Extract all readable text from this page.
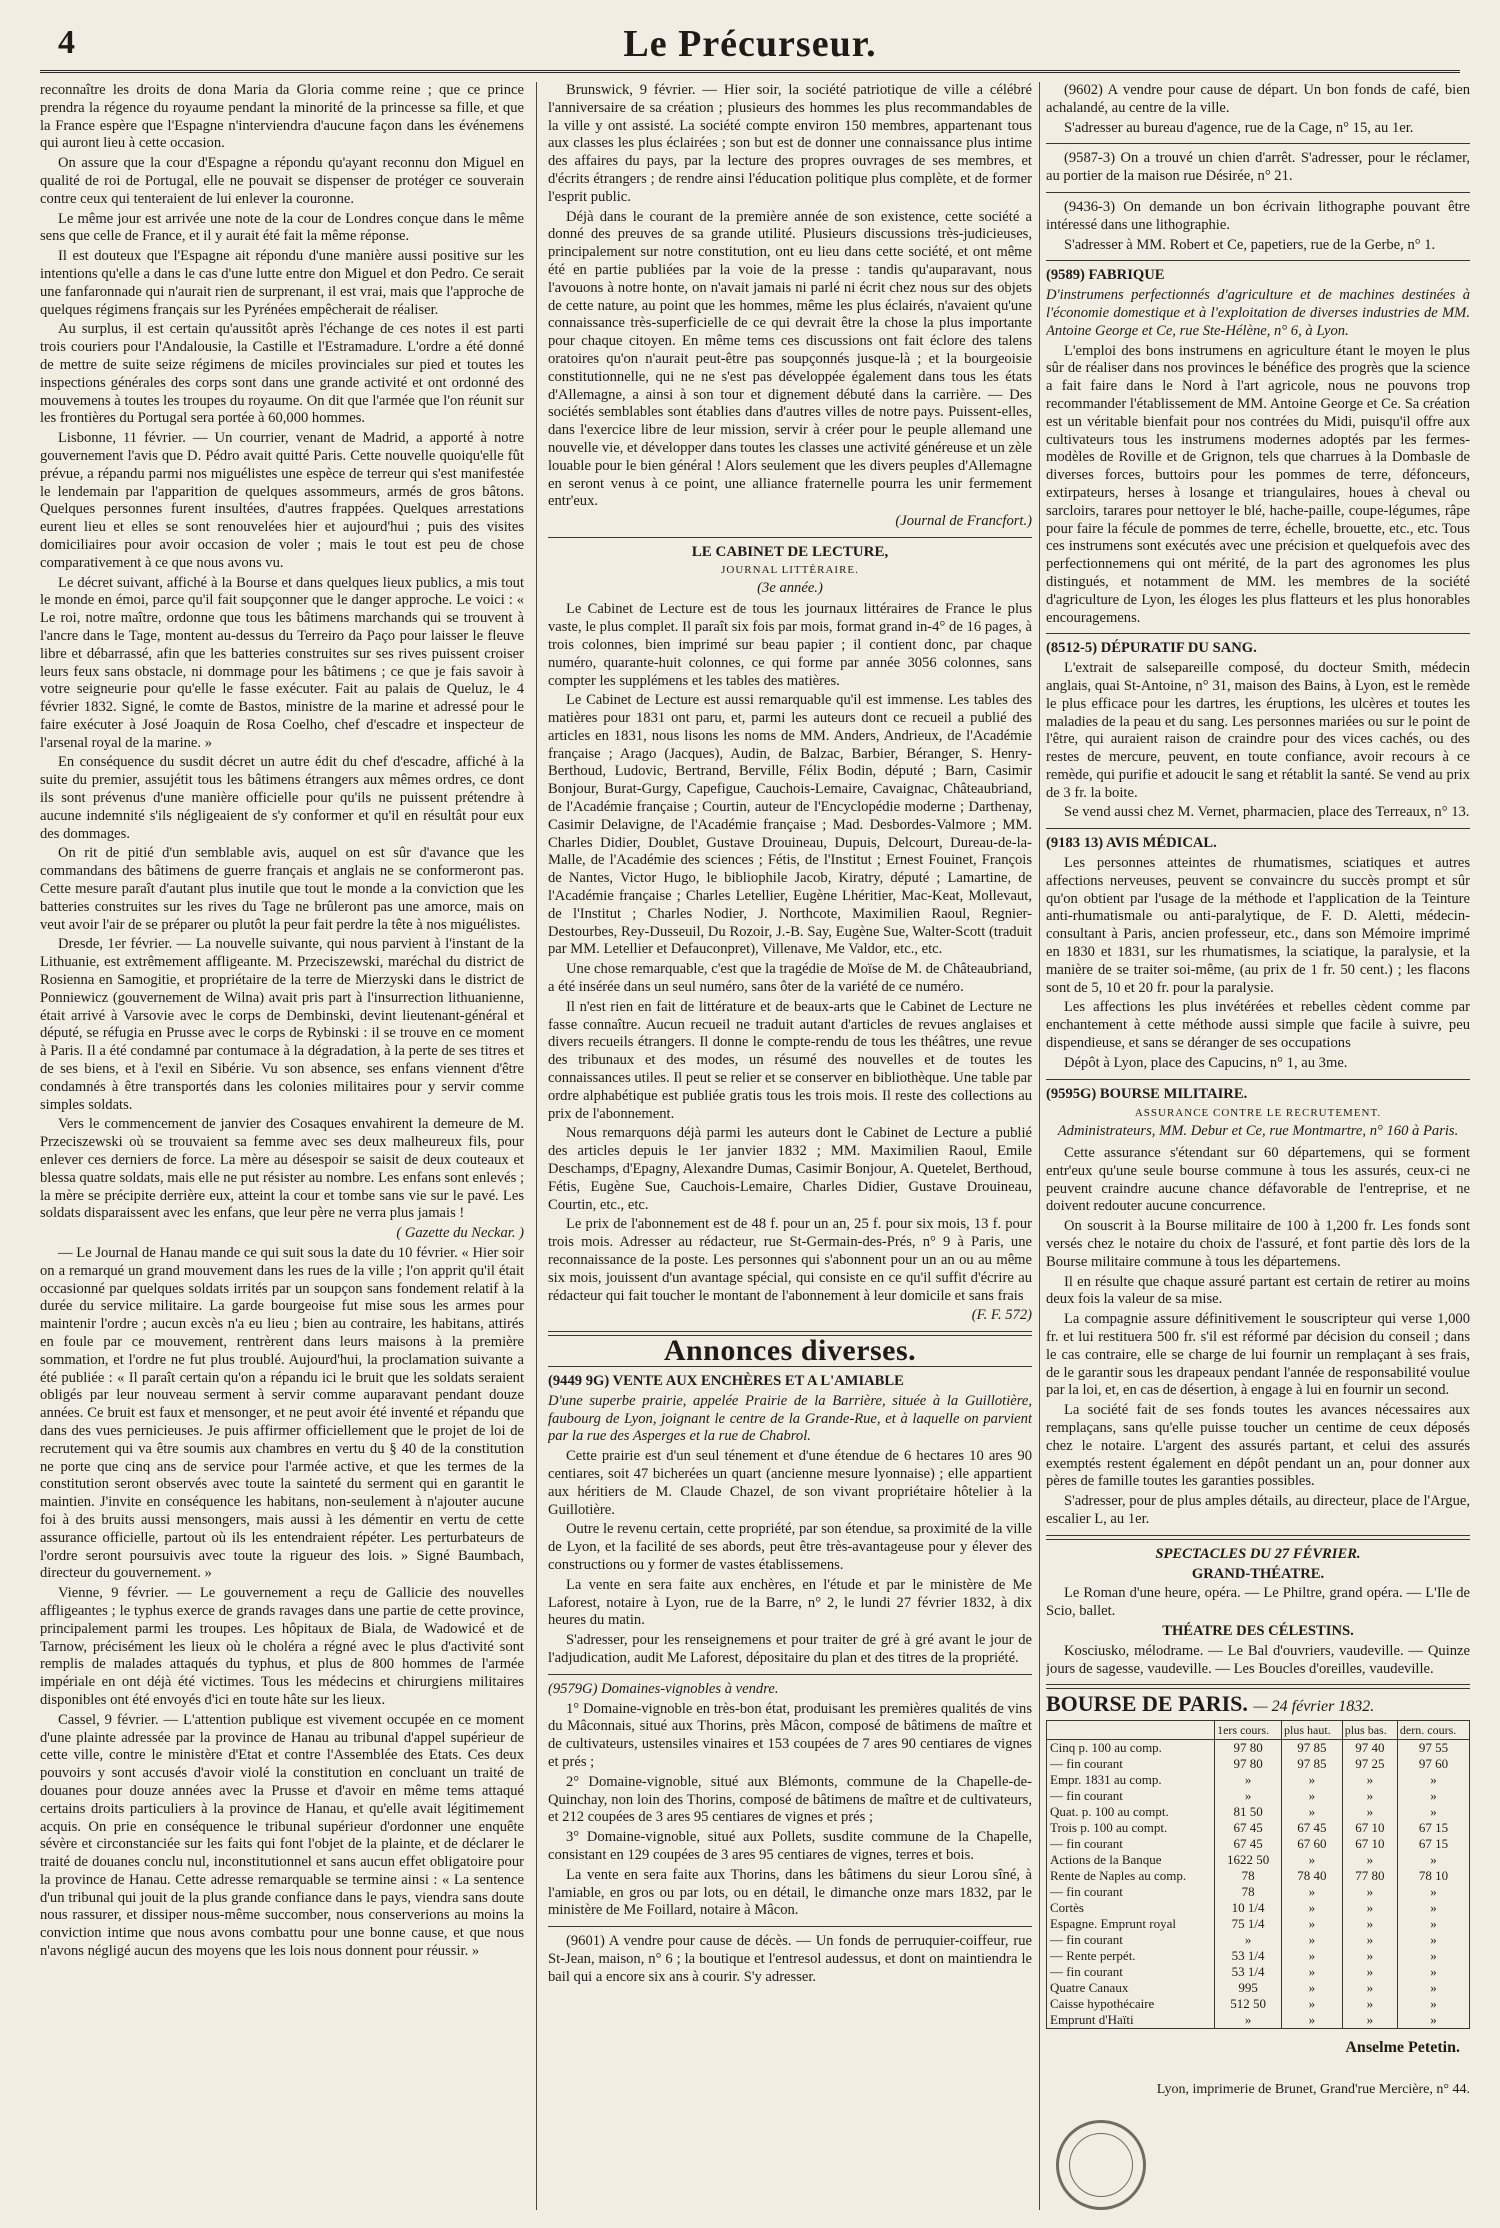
4	Le Précurseur.

reconnaître les droits de dona Maria da Gloria comme reine ; que ce prince prendra la régence du royaume pendant la minorité de la princesse sa fille, et que la France espère que l'Espagne n'interviendra d'aucune façon dans les événemens qui auront lieu à cette occasion.

On assure que la cour d'Espagne a répondu qu'ayant reconnu don Miguel en qualité de roi de Portugal, elle ne pouvait se dispenser de protéger ce souverain contre ceux qui tenteraient de lui enlever la couronne.

Le même jour est arrivée une note de la cour de Londres conçue dans le même sens que celle de France, et il y aurait été fait la même réponse.

Il est douteux que l'Espagne ait répondu d'une manière aussi positive sur les intentions qu'elle a dans le cas d'une lutte entre don Miguel et don Pedro. Ce serait une fanfaronnade qui n'aurait rien de surprenant, il est vrai, mais que l'approche de quelques régimens français sur les Pyrénées empêcherait de réaliser.

Au surplus, il est certain qu'aussitôt après l'échange de ces notes il est parti trois couriers pour l'Andalousie, la Castille et l'Estramadure. L'ordre a été donné de mettre de suite seize régimens de miciles provinciales sur pied et toutes les inspections générales des corps sont dans une grande activité et ont ordonné des mouvemens à toutes les troupes du royaume. On dit que l'armée que l'on réunit sur les frontières du Portugal sera portée à 60,000 hommes.

Lisbonne, 11 février. — Un courrier, venant de Madrid, a apporté à notre gouvernement l'avis que D. Pédro avait quitté Paris. Cette nouvelle quoiqu'elle fût prévue, a répandu parmi nos miguélistes une espèce de terreur qui s'est manifestée le lendemain par l'apparition de quelques assommeurs, armés de gros bâtons. Quelques personnes furent insultées, d'autres frappées. Quelques arrestations eurent lieu et elles se sont renouvelées hier et aujourd'hui ; puis des visites domiciliaires pour avoir occasion de voler ; mais le tout est peu de chose comparativement à ce que nous avons vu.

Le décret suivant, affiché à la Bourse et dans quelques lieux publics, a mis tout le monde en émoi, parce qu'il fait soupçonner que le danger approche. Le voici : « Le roi, notre maître, ordonne que tous les bâtimens marchands qui se trouvent à l'ancre dans le Tage, montent au-dessus du Terreiro da Paço pour laisser le fleuve libre et débarrassé, afin que les batteries construites sur ses rives puissent croiser leurs feux sans obstacle, ni dommage pour les bâtimens ; ce que je fais savoir à votre seigneurie pour qu'elle le fasse exécuter. Fait au palais de Queluz, le 4 février 1832. Signé, le comte de Bastos, ministre de la marine et adressé pour le faire exécuter à José Joaquin de Rosa Coelho, chef d'escadre et inspecteur de l'arsenal royal de la marine. »

En conséquence du susdit décret un autre édit du chef d'escadre, affiché à la suite du premier, assujétit tous les bâtimens étrangers aux mêmes ordres, ce dont ils sont prévenus d'une manière officielle pour qu'ils ne puissent prétendre à aucune indemnité s'ils négligeaient de s'y conformer et qu'il en résultât pour eux des dommages.

On rit de pitié d'un semblable avis, auquel on est sûr d'avance que les commandans des bâtimens de guerre français et anglais ne se conformeront pas. Cette mesure paraît d'autant plus inutile que tout le monde a la conviction que les batteries construites sur les rives du Tage ne brûleront pas une amorce, mais on veut avoir l'air de se préparer ou plutôt la peur fait perdre la tête à nos miguélistes.

Dresde, 1er février. — La nouvelle suivante, qui nous parvient à l'instant de la Lithuanie, est extrêmement affligeante. M. Przeciszewski, maréchal du district de Rosienna en Samogitie, et propriétaire de la terre de Mierzyski dans le district de Ponniewicz (gouvernement de Wilna) avait pris part à l'insurrection lithuanienne, était arrivé à Varsovie avec le corps de Dembinski, devint lieutenant-général et député, se réfugia en Prusse avec le corps de Rybinski : il se trouve en ce moment à Paris. Il a été condamné par contumace à la dégradation, à la perte de ses titres et de ses biens, et à l'exil en Sibérie. Vu son absence, ses enfans viennent d'être condamnés à être transportés dans les colonies militaires pour y servir comme simples soldats.

Vers le commencement de janvier des Cosaques envahirent la demeure de M. Przeciszewski où se trouvaient sa femme avec ses deux malheureux fils, pour enlever ces derniers de force. La mère au désespoir se saisit de deux couteaux et blessa quatre soldats, mais elle ne put résister au nombre. Les enfans sont enlevés ; la mère se précipite derrière eux, atteint la cour et tombe sans vie sur le pavé. Les soldats disparaissent avec les enfans, que leur père ne verra plus jamais !

( Gazette du Neckar. )

— Le Journal de Hanau mande ce qui suit sous la date du 10 février. « Hier soir on a remarqué un grand mouvement dans les rues de la ville ; l'on apprit qu'il était occasionné par quelques soldats irrités par un soupçon sans fondement relatif à la durée du service militaire. La garde bourgeoise fut mise sous les armes pour maintenir l'ordre ; aucun excès n'a eu lieu ; bien au contraire, les habitans, attirés en foule par ce mouvement, rentrèrent dans leurs maisons à la première sommation, et l'ordre ne fut plus troublé. Aujourd'hui, la proclamation suivante a été publiée : « Il paraît certain qu'on a répandu ici le bruit que les soldats seraient obligés par leur nouveau serment à servir comme auparavant pendant douze années. Ce bruit est faux et mensonger, et ne peut avoir été inventé et répandu que dans des vues pernicieuses. Je puis affirmer officiellement que le projet de loi de recrutement qui va être soumis aux chambres en vertu du § 40 de la constitution ne porte que cinq ans de service pour l'armée active, et que les termes de la constitution seront observés avec toute la sainteté du serment qui en garantit le maintien. J'invite en conséquence les habitans, non-seulement à n'ajouter aucune foi à des bruits aussi mensongers, mais aussi à les démentir en vertu de cette assurance officielle, partout où ils les entendraient répéter. Les perturbateurs de l'ordre seront poursuivis avec toute la rigueur des lois. » Signé Baumbach, directeur du gouvernement. »

Vienne, 9 février. — Le gouvernement a reçu de Gallicie des nouvelles affligeantes ; le typhus exerce de grands ravages dans une partie de cette province, principalement parmi les troupes. Les hôpitaux de Biala, de Wadowicé et de Tarnow, précisément les lieux où le choléra a régné avec le plus d'activité sont remplis de malades attaqués du typhus, et plus de 800 hommes de l'armée impériale en ont déjà été victimes. Tous les médecins et chirurgiens militaires disponibles ont été envoyés d'ici en toute hâte sur les lieux.

Cassel, 9 février. — L'attention publique est vivement occupée en ce moment d'une plainte adressée par la province de Hanau au tribunal d'appel supérieur de cette ville, contre le ministère d'Etat et contre l'Assemblée des Etats. Ces deux pouvoirs y sont accusés d'avoir violé la constitution en concluant un traité de douanes pour douze années avec la Prusse et d'avoir en même tems attaqué certains droits particuliers à la province de Hanau, et qu'elle avait légitimement acquis. On prie en conséquence le tribunal supérieur d'ordonner une enquête sévère et circonstanciée sur les faits qui font l'objet de la plainte, et de déclarer le traité de douanes conclu nul, inconstitutionnel et sans aucun effet obligatoire pour la province de Hanau. Cette adresse remarquable se termine ainsi : « La sentence d'un tribunal qui jouit de la plus grande confiance dans le pays, viendra sans doute nous rassurer, et dissiper nous-même succomber, nous conserverions au moins la conviction intime que nous avons combattu pour une bonne cause, et que nous n'avons négligé aucun des moyens que les lois nous donnent pour réussir. »

Brunswick, 9 février. — Hier soir, la société patriotique de ville a célébré l'anniversaire de sa création ; plusieurs des hommes les plus recommandables de la ville y ont assisté. La société compte environ 150 membres, appartenant tous aux classes les plus éclairées ; son but est de donner une connaissance plus intime des affaires du pays, par la lecture des propres ouvrages de ses membres, et d'écrits étrangers ; de rendre ainsi l'éducation politique plus complète, et de former l'esprit public.

Déjà dans le courant de la première année de son existence, cette société a donné des preuves de sa grande utilité. Plusieurs discussions très-judicieuses, principalement sur notre constitution, ont eu lieu dans cette société, et ont même été en partie publiées par la voie de la presse : tandis qu'auparavant, nous l'avouons à notre honte, on n'avait jamais ni parlé ni écrit chez nous sur des objets de cette nature, au point que les hommes, même les plus éclairés, n'avaient qu'une connaissance très-superficielle de ce qui devrait être la chose la plus importante pour chaque citoyen. En même tems ces discussions ont fait éclore des talens oratoires qu'on n'aurait peut-être pas soupçonnés jusque-là ; et la bourgeoisie constitutionnelle, qui ne ne s'est pas développée également dans tous les états d'Allemagne, a ainsi à son tour et dignement débuté dans la carrière. — Des sociétés semblables sont établies dans d'autres villes de notre pays. Puissent-elles, dans l'exercice libre de leur mission, servir à créer pour le peuple allemand une nouvelle vie, et développer dans toutes les classes une activité généreuse et un zèle louable pour le bien général ! Alors seulement que les divers peuples d'Allemagne en seront venus à ce point, une alliance fraternelle pourra les unir fermement entr'eux.

(Journal de Francfort.)

LE CABINET DE LECTURE,

JOURNAL LITTÉRAIRE.

(3e année.)

Le Cabinet de Lecture est de tous les journaux littéraires de France le plus vaste, le plus complet. Il paraît six fois par mois, format grand in-4° de 16 pages, à trois colonnes, bien imprimé sur beau papier ; il contient donc, par chaque numéro, quarante-huit colonnes, ce qui forme par année 3056 colonnes, sans compter les supplémens et les tables des matières.

Le Cabinet de Lecture est aussi remarquable qu'il est immense. Les tables des matières pour 1831 ont paru, et, parmi les auteurs dont ce recueil a publié des articles en 1831, nous lisons les noms de MM. Anders, Andrieux, de l'Académie française ; Arago (Jacques), Audin, de Balzac, Barbier, Béranger, S. Henry-Berthoud, Ludovic, Bertrand, Berville, Félix Bodin, député ; Barn, Casimir Bonjour, Burat-Gurgy, Capefigue, Cauchois-Lemaire, Cavaignac, Châteaubriand, de l'Académie française ; Courtin, auteur de l'Encyclopédie moderne ; Darthenay, Casimir Delavigne, de l'Académie française ; Mad. Desbordes-Valmore ; MM. Charles Didier, Doublet, Gustave Drouineau, Dupuis, Delcourt, Dureau-de-la-Malle, de l'Académie des sciences ; Fétis, de l'Institut ; Ernest Fouinet, François de Nantes, Victor Hugo, le bibliophile Jacob, Kiratry, député ; Lamartine, de l'Académie française ; Charles Letellier, Eugène Lhéritier, Mac-Keat, Mollevaut, de l'Institut ; Charles Nodier, J. Northcote, Maximilien Raoul, Regnier-Destourbes, Rey-Dusseuil, Du Rozoir, J.-B. Say, Eugène Sue, Walter-Scott (traduit par MM. Letellier et Defauconpret), Villenave, Me Valdor, etc., etc.

Une chose remarquable, c'est que la tragédie de Moïse de M. de Châteaubriand, a été insérée dans un seul numéro, sans ôter de la variété de ce numéro.

Il n'est rien en fait de littérature et de beaux-arts que le Cabinet de Lecture ne fasse connaître. Aucun recueil ne traduit autant d'articles de revues anglaises et divers recueils étrangers. Il donne le compte-rendu de tous les théâtres, une revue des tribunaux et des modes, un résumé des nouvelles et de toutes les connaissances utiles. Il peut se relier et se conserver en bibliothèque. Une table par ordre alphabétique est publiée gratis tous les trois mois. Il reste des collections au prix de l'abonnement.

Nous remarquons déjà parmi les auteurs dont le Cabinet de Lecture a publié des articles depuis le 1er janvier 1832 ; MM. Maximilien Raoul, Emile Deschamps, d'Epagny, Alexandre Dumas, Casimir Bonjour, A. Quetelet, Berthoud, Fétis, Eugène Sue, Cauchois-Lemaire, Charles Didier, Gustave Drouineau, Courtin, etc., etc.

Le prix de l'abonnement est de 48 f. pour un an, 25 f. pour six mois, 13 f. pour trois mois. Adresser au rédacteur, rue St-Germain-des-Prés, n° 9 à Paris, une reconnaissance de la poste. Les personnes qui s'abonnent pour un an ou au même six mois, jouissent d'un avantage spécial, qui consiste en ce qu'il suffit d'écrire au rédacteur qui fait toucher le montant de l'abonnement à leur domicile et sans frais

(F. F. 572)

Annonces diverses.

(9449 9G) VENTE AUX ENCHÈRES ET A L'AMIABLE

D'une superbe prairie, appelée Prairie de la Barrière, située à la Guillotière, faubourg de Lyon, joignant le centre de la Grande-Rue, et à laquelle on parvient par la rue des Asperges et la rue de Chabrol.

Cette prairie est d'un seul ténement et d'une étendue de 6 hectares 10 ares 90 centiares, soit 47 bicherées un quart (ancienne mesure lyonnaise) ; elle appartient aux héritiers de M. Claude Chazel, de son vivant propriétaire hôtelier à la Guillotière.

Outre le revenu certain, cette propriété, par son étendue, sa proximité de la ville de Lyon, et la facilité de ses abords, peut être très-avantageuse pour y élever des constructions ou y former de vastes établissemens.

La vente en sera faite aux enchères, en l'étude et par le ministère de Me Laforest, notaire à Lyon, rue de la Barre, n° 2, le lundi 27 février 1832, à dix heures du matin.

S'adresser, pour les renseignemens et pour traiter de gré à gré avant le jour de l'adjudication, audit Me Laforest, dépositaire du plan et des titres de la propriété.

(9579G) Domaines-vignobles à vendre.

1° Domaine-vignoble en très-bon état, produisant les premières qualités de vins du Mâconnais, situé aux Thorins, près Mâcon, composé de bâtimens de maître et de cultivateurs, ustensiles vinaires et 153 coupées de 7 ares 90 centiares de vignes et prés ;

2° Domaine-vignoble, situé aux Blémonts, commune de la Chapelle-de-Quinchay, non loin des Thorins, composé de bâtimens de maître et de cultivateurs, et 212 coupées de 3 ares 95 centiares de vignes et prés ;

3° Domaine-vignoble, situé aux Pollets, susdite commune de la Chapelle, consistant en 129 coupées de 3 ares 95 centiares de vignes, terres et bois.

La vente en sera faite aux Thorins, dans les bâtimens du sieur Lorou sîné, à l'amiable, en gros ou par lots, ou en détail, le dimanche onze mars 1832, par le ministère de Me Foillard, notaire à Mâcon.

(9601) A vendre pour cause de décès. — Un fonds de perruquier-coiffeur, rue St-Jean, maison, n° 6 ; la boutique et l'entresol audessus, et dont on maintiendra le bail qui a encore six ans à courir. S'y adresser.

(9602) A vendre pour cause de départ. Un bon fonds de café, bien achalandé, au centre de la ville.

S'adresser au bureau d'agence, rue de la Cage, n° 15, au 1er.

(9587-3) On a trouvé un chien d'arrêt. S'adresser, pour le réclamer, au portier de la maison rue Désirée, n° 21.

(9436-3) On demande un bon écrivain lithographe pouvant être intéressé dans une lithographie.

S'adresser à MM. Robert et Ce, papetiers, rue de la Gerbe, n° 1.

(9589) FABRIQUE

D'instrumens perfectionnés d'agriculture et de machines destinées à l'économie domestique et à l'exploitation de diverses industries de MM. Antoine George et Ce, rue Ste-Hélène, n° 6, à Lyon.

L'emploi des bons instrumens en agriculture étant le moyen le plus sûr de réaliser dans nos provinces le bénéfice des progrès que la science a fait faire dans le Nord à l'art agricole, nous ne pouvons trop recommander l'établissement de MM. Antoine George et Ce. Sa création est un véritable bienfait pour nos contrées du Midi, puisqu'il offre aux cultivateurs tous les instrumens modernes adoptés par les fermes-modèles de Roville et de Grignon, tels que charrues à la Dombasle de diverses forces, buttoirs pour les pommes de terre, défonceurs, extirpateurs, herses à losange et triangulaires, houes à cheval ou sarcloirs, tarares pour nettoyer le blé, hache-paille, coupe-légumes, râpe pour faire la fécule de pommes de terre, échelle, brouette, etc., etc. Tous ces instrumens sont exécutés avec une précision et quelquefois avec des perfectionnemens qui ont mérité, de la part des agronomes les plus distingués, et notamment de MM. les membres de la société d'agriculture de Lyon, les éloges les plus flatteurs et les plus honorables encouragemens.

(8512-5) DÉPURATIF DU SANG.

L'extrait de salsepareille composé, du docteur Smith, médecin anglais, quai St-Antoine, n° 31, maison des Bains, à Lyon, est le remède le plus efficace pour les dartres, les éruptions, les ulcères et toutes les maladies de la peau et du sang. Les personnes mariées ou sur le point de l'être, qui auraient raison de craindre pour des vices cachés, ou des restes de mercure, peuvent, en toute confiance, avoir recours à ce remède, qui purifie et adoucit le sang et rétablit la santé. Se vend au prix de 3 fr. la boite.

Se vend aussi chez M. Vernet, pharmacien, place des Terreaux, n° 13.

(9183 13) AVIS MÉDICAL.

Les personnes atteintes de rhumatismes, sciatiques et autres affections nerveuses, peuvent se convaincre du succès prompt et sûr qu'on obtient par l'usage de la méthode et l'application de la Teinture anti-rhumatismale ou anti-paralytique, de F. D. Aletti, médecin-consultant à Paris, ancien professeur, etc., dans son Mémoire imprimé en 1830 et 1831, sur les rhumatismes, la sciatique, la paralysie, et la manière de se traiter soi-même, (au prix de 1 fr. 50 cent.) ; les flacons sont de 5, 10 et 20 fr. pour la paralysie.

Les affections les plus invétérées et rebelles cèdent comme par enchantement à cette méthode aussi simple que facile à suivre, peu dispendieuse, et sans se déranger de ses occupations

Dépôt à Lyon, place des Capucins, n° 1, au 3me.

(9595G) BOURSE MILITAIRE.

ASSURANCE CONTRE LE RECRUTEMENT.

Administrateurs, MM. Debur et Ce, rue Montmartre, n° 160 à Paris.

Cette assurance s'étendant sur 60 départemens, qui se forment entr'eux qu'une seule bourse commune à tous les assurés, ceux-ci ne peuvent craindre aucune chance défavorable de l'entreprise, et ne doivent redouter aucune concurrence.

On souscrit à la Bourse militaire de 100 à 1,200 fr. Les fonds sont versés chez le notaire du choix de l'assuré, et font partie dès lors de la Bourse militaire commune à tous les départemens.

Il en résulte que chaque assuré partant est certain de retirer au moins deux fois la valeur de sa mise.

La compagnie assure définitivement le souscripteur qui verse 1,000 fr. et lui restituera 500 fr. s'il est réformé par décision du conseil ; dans le cas contraire, elle se charge de lui fournir un remplaçant à ses frais, de le garantir sous les drapeaux pendant l'année de responsabilité voulue par la loi, et, en cas de désertion, à engage à lui en fournir un second.

La société fait de ses fonds toutes les avances nécessaires aux remplaçans, sans qu'elle puisse toucher un centime de ceux déposés chez le notaire. L'argent des assurés partant, et celui des assurés exemptés restent également en dépôt pendant un an, pour donner aux pères de famille toutes les garanties possibles.

S'adresser, pour de plus amples détails, au directeur, place de l'Argue, escalier L, au 1er.

SPECTACLES DU 27 FÉVRIER.

GRAND-THÉATRE.

Le Roman d'une heure, opéra. — Le Philtre, grand opéra. — L'Ile de Scio, ballet.

THÉATRE DES CÉLESTINS.

Kosciusko, mélodrame. — Le Bal d'ouvriers, vaudeville. — Quinze jours de sagesse, vaudeville. — Les Boucles d'oreilles, vaudeville.

BOURSE DE PARIS. — 24 février 1832.

	1ers cours.	plus haut.	plus bas.	dern. cours.
Cinq p. 100 au comp.	97 80	97 85	97 40	97 55
— fin courant	97 80	97 85	97 25	97 60
Empr. 1831 au comp.	»	»	»	»
— fin courant	»	»	»	»
Quat. p. 100 au compt.	81 50	»	»	»
Trois p. 100 au compt.	67 45	67 45	67 10	67 15
— fin courant	67 45	67 60	67 10	67 15
Actions de la Banque	1622 50	»	»	»
Rente de Naples au comp.	78	78 40	77 80	78 10
— fin courant	78	»	»	»
Cortès	10 1/4	»	»	»
Espagne. Emprunt royal	75 1/4	»	»	»
— fin courant	»	»	»	»
— Rente perpét.	53 1/4	»	»	»
— fin courant	53 1/4	»	»	»
Quatre Canaux	995	»	»	»
Caisse hypothécaire	512 50	»	»	»
Emprunt d'Haïti	»	»	»	»

Anselme Petetin.

Lyon, imprimerie de Brunet, Grand'rue Mercière, n° 44.
